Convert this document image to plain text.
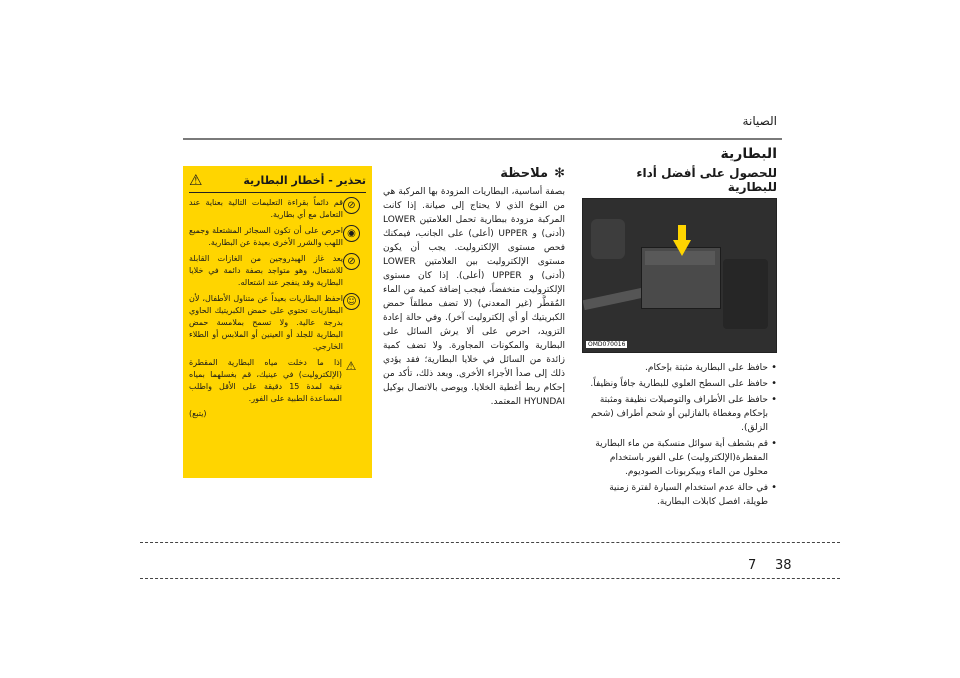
الصيانة
البطارية
للحصول على أفضل أداء للبطارية
OMD070016
• حافظ على البطارية مثبتة بإحكام.
• حافظ على السطح العلوي للبطارية جافاً ونظيفاً.
• حافظ على الأطراف والتوصيلات نظيفة ومثبتة بإحكام ومغطاة بالفازلين أو شحم أطراف (شحم الزلق).
• قم بشطف أية سوائل منسكبة من ماء البطارية المقطرة(الإلكتروليت) على الفور باستخدام محلول من الماء وبيكربونات الصوديوم.
• في حالة عدم استخدام السيارة لفترة زمنية طويلة، افصل كابلات البطارية.
✻ملاحظة

بصفة أساسية، البطاريات المزودة بها المركبة هي من النوع الذي لا يحتاج إلى صيانة. إذا كانت المركبة مزودة ببطارية تحمل العلامتين LOWER (أدنى) و UPPER (أعلى) على الجانب، فيمكنك فحص مستوى الإلكتروليت. يجب أن يكون مستوى الإلكتروليت بين العلامتين LOWER (أدنى) و UPPER (أعلى). إذا كان مستوى الإلكتروليت منخفضاً، فيجب إضافة كمية من الماء المُقطَّر (غير المعدني) (لا تضف مطلقاً حمض الكبريتيك أو أي إلكتروليت آخر). وفي حالة إعادة التزويد، احرص على ألا يرش السائل على البطارية والمكونات المجاورة. ولا تضف كمية زائدة من السائل في خلايا البطارية؛ فقد يؤدي ذلك إلى صدأ الأجزاء الأخرى. وبعد ذلك، تأكد من إحكام ربط أغطية الخلايا. ويوصى بالاتصال بوكيل HYUNDAI المعتمد.

تحذير - أخطار البطارية
⚠
⊘
قم دائماً بقراءة التعليمات التالية بعناية عند التعامل مع أي بطارية.
◉
احرص على أن تكون السجائر المشتعلة وجميع اللهب والشرر الأخرى بعيدة عن البطارية.
⊘
يعد غاز الهيدروجين من الغازات القابلة للاشتعال، وهو متواجد بصفة دائمة في خلايا البطارية وقد ينفجر عند اشتعاله.
☺
احفظ البطاريات بعيداً عن متناول الأطفال، لأن البطاريات تحتوي على حمض الكبريتيك الحاوي بدرجة عالية. ولا تسمح بملامسة حمض البطارية للجلد أو العينين أو الملابس أو الطلاء الخارجي.
⚠
إذا ما دخلت مياه البطارية المقطرة (الإلكتروليت) في عينيك، قم بغسلهما بمياه نقية لمدة 15 دقيقة على الأقل واطلب المساعدة الطبية على الفور.
(يتبع)
7 38
